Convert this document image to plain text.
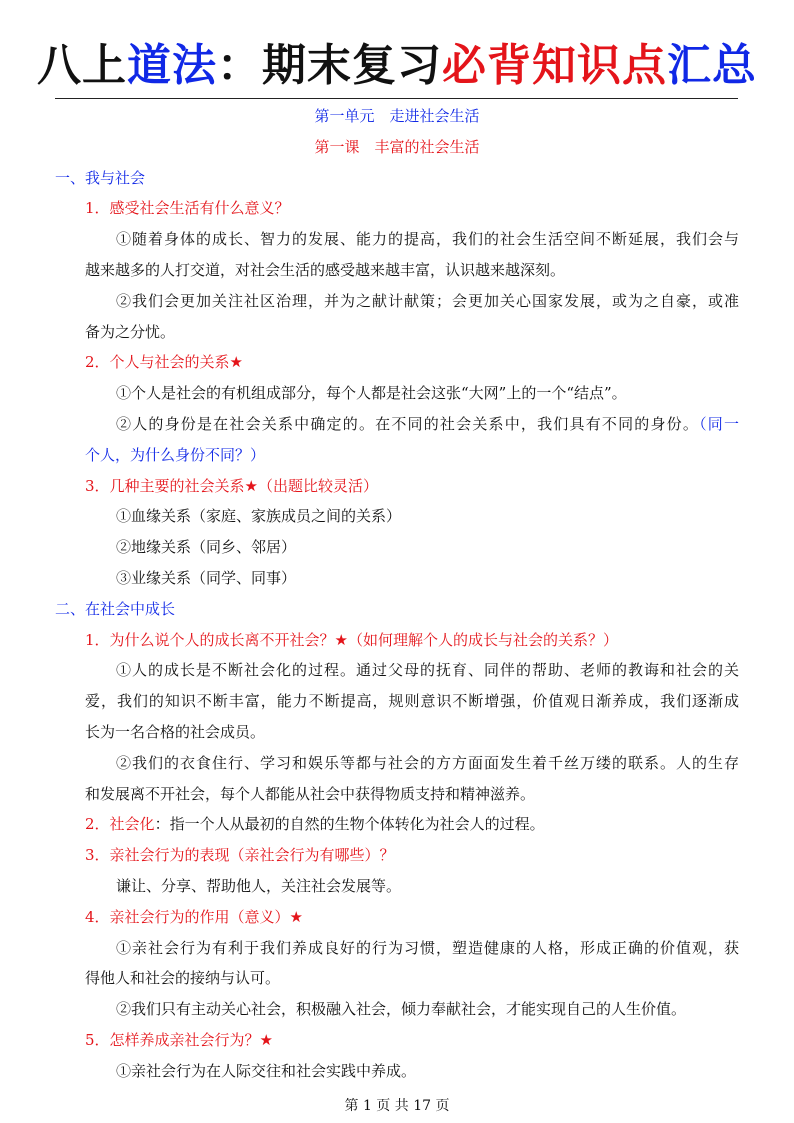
八上道法：期末复习必背知识点汇总
第一单元　走进社会生活
第一课　丰富的社会生活
一、我与社会
1．感受社会生活有什么意义？
①随着身体的成长、智力的发展、能力的提高，我们的社会生活空间不断延展，我们会与
越来越多的人打交道，对社会生活的感受越来越丰富，认识越来越深刻。
②我们会更加关注社区治理，并为之献计献策；会更加关心国家发展，或为之自豪，或准
备为之分忧。
2．个人与社会的关系★
①个人是社会的有机组成部分，每个人都是社会这张“大网”上的一个“结点”。
②人的身份是在社会关系中确定的。在不同的社会关系中，我们具有不同的身份。（同一
个人，为什么身份不同？）
3．几种主要的社会关系★（出题比较灵活）
①血缘关系（家庭、家族成员之间的关系）
②地缘关系（同乡、邻居）
③业缘关系（同学、同事）
二、在社会中成长
1．为什么说个人的成长离不开社会？★（如何理解个人的成长与社会的关系？）
①人的成长是不断社会化的过程。通过父母的抚育、同伴的帮助、老师的教诲和社会的关
爱，我们的知识不断丰富，能力不断提高，规则意识不断增强，价值观日渐养成，我们逐渐成
长为一名合格的社会成员。
②我们的衣食住行、学习和娱乐等都与社会的方方面面发生着千丝万缕的联系。人的生存
和发展离不开社会，每个人都能从社会中获得物质支持和精神滋养。
2．社会化：指一个人从最初的自然的生物个体转化为社会人的过程。
3．亲社会行为的表现（亲社会行为有哪些）？
谦让、分享、帮助他人，关注社会发展等。
4．亲社会行为的作用（意义）★
①亲社会行为有利于我们养成良好的行为习惯，塑造健康的人格，形成正确的价值观，获
得他人和社会的接纳与认可。
②我们只有主动关心社会，积极融入社会，倾力奉献社会，才能实现自己的人生价值。
5．怎样养成亲社会行为？★
①亲社会行为在人际交往和社会实践中养成。
第 1 页 共 17 页
